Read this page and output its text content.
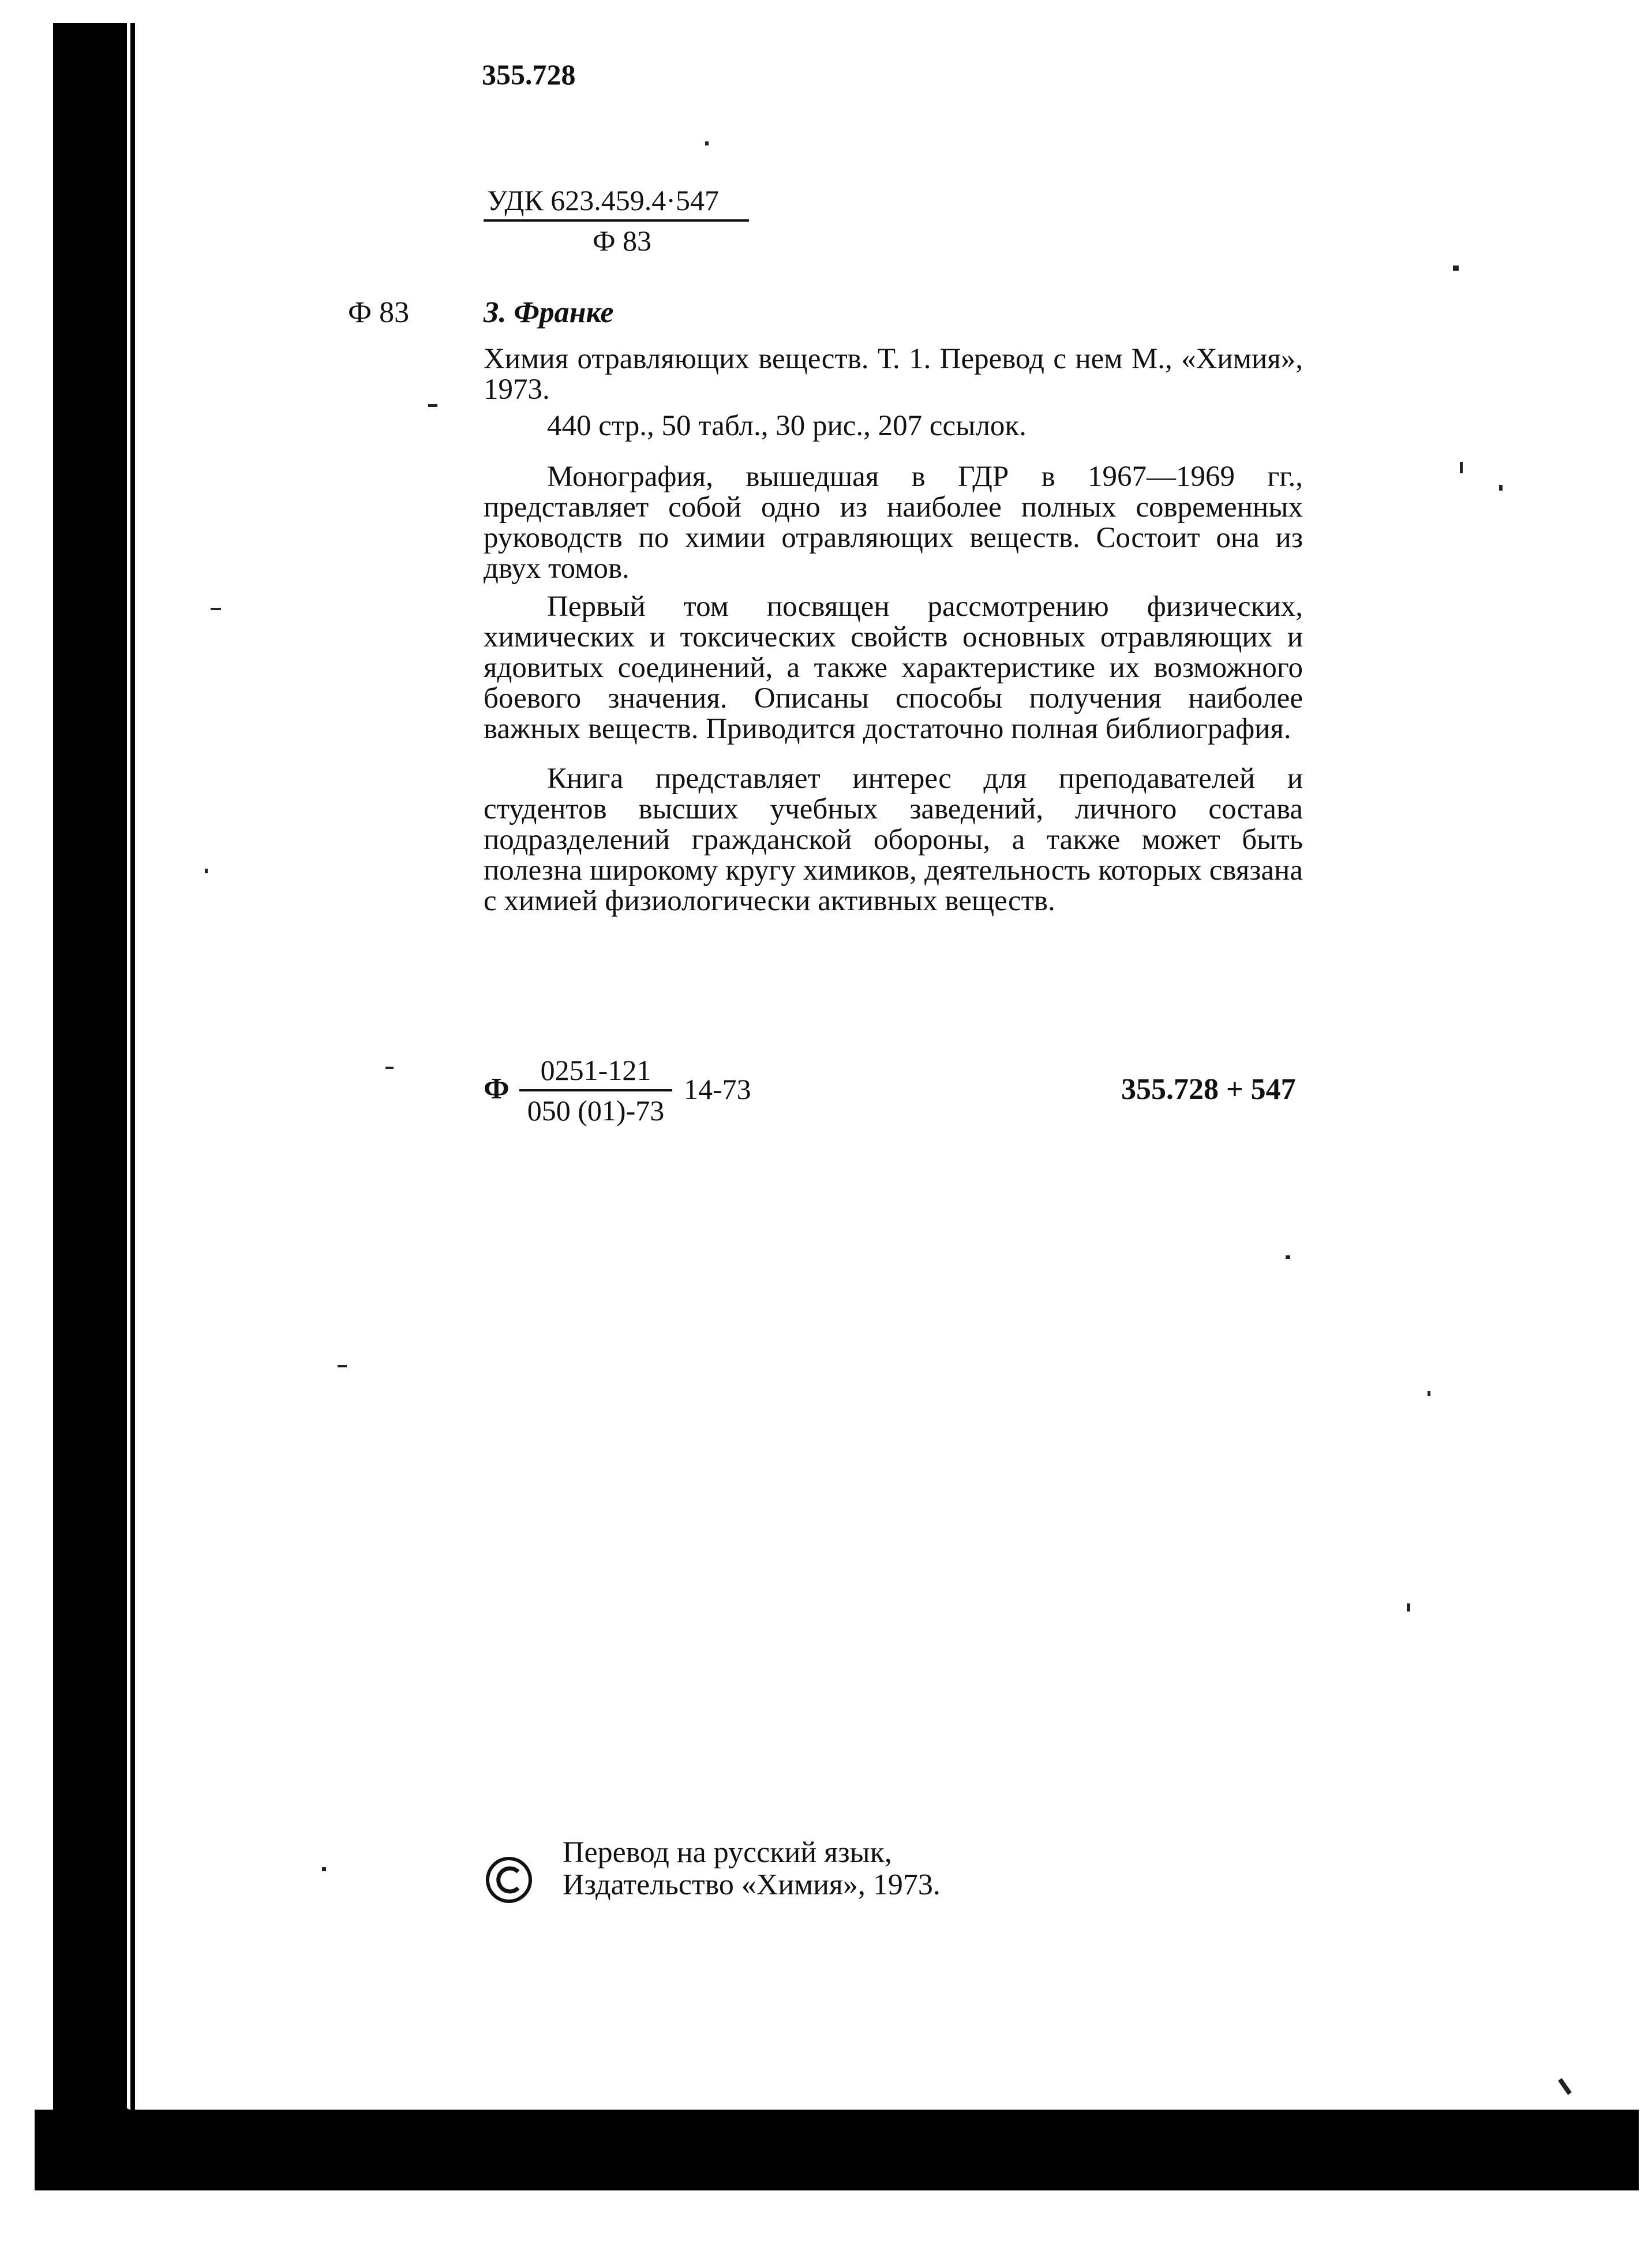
355.728
УДК 623.459.4·547
Ф 83
Ф 83 З. Франке
Химия отравляющих веществ. Т. 1. Перевод с нем М., «Химия», 1973.
440 стр., 50 табл., 30 рис., 207 ссылок.
Монография, вышедшая в ГДР в 1967—1969 гг., представляет собой одно из наиболее полных современных руководств по химии отравляющих веществ. Состоит она из двух томов.
Первый том посвящен рассмотрению физических, химических и токсических свойств основных отравляющих и ядовитых соединений, а также характеристике их возможного боевого значения. Описаны способы получения наиболее важных веществ. Приводится достаточно полная библиография.
Книга представляет интерес для преподавателей и студентов высших учебных заведений, личного состава подразделений гражданской обороны, а также может быть полезна широкому кругу химиков, деятельность которых связана с химией физиологически активных веществ.
Ф
0251-121
050 (01)-73
14-73	355.728 + 547
Перевод на русский язык,
Издательство «Химия», 1973.
